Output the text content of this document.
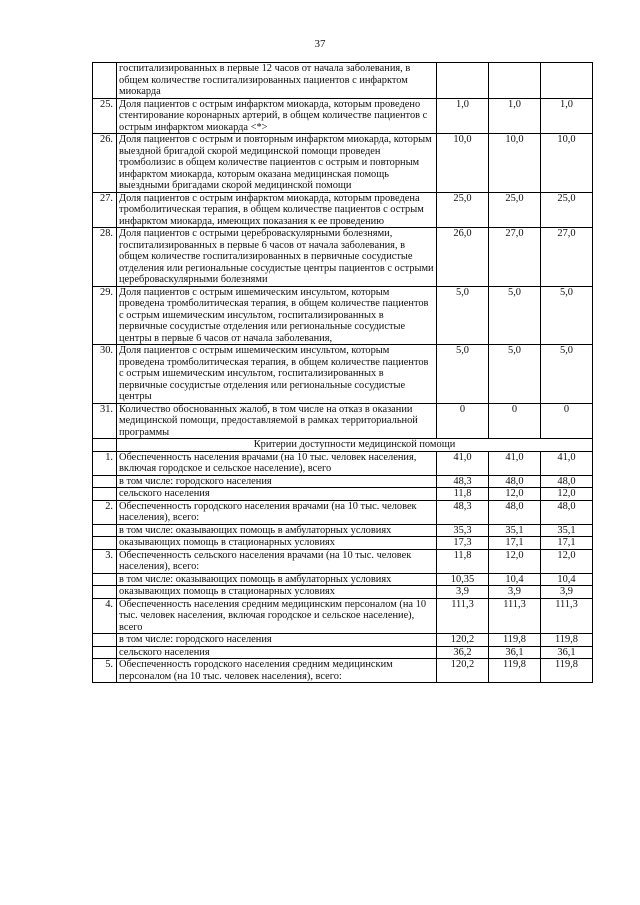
37
	госпитализированных в первые 12 часов от начала заболевания, в общем количестве госпитализированных пациентов с инфарктом миокарда			
25.	Доля пациентов с острым инфарктом миокарда, которым проведено стентирование коронарных артерий, в общем количестве пациентов с острым инфарктом миокарда <*>	1,0	1,0	1,0
26.	Доля пациентов с острым и повторным инфарктом миокарда, которым выездной бригадой скорой медицинской помощи проведен тромболизис в общем количестве пациентов с острым и повторным инфарктом миокарда, которым оказана медицинская помощь выездными бригадами скорой медицинской помощи	10,0	10,0	10,0
27.	Доля пациентов с острым инфарктом миокарда, которым проведена тромболитическая терапия, в общем количестве пациентов с острым инфарктом миокарда, имеющих показания к ее проведению	25,0	25,0	25,0
28.	Доля пациентов с острыми цереброваскулярными болезнями, госпитализированных в первые 6 часов от начала заболевания, в общем количестве госпитализированных в первичные сосудистые отделения или региональные сосудистые центры пациентов с острыми цереброваскулярными болезнями	26,0	27,0	27,0
29.	Доля пациентов с острым ишемическим инсультом, которым проведена тромболитическая терапия, в общем количестве пациентов с острым ишемическим инсультом, госпитализированных в первичные сосудистые отделения или региональные сосудистые центры в первые 6 часов от начала заболевания,	5,0	5,0	5,0
30.	Доля пациентов с острым ишемическим инсультом, которым проведена тромболитическая терапия, в общем количестве пациентов с острым ишемическим инсультом, госпитализированных в первичные сосудистые отделения или региональные сосудистые центры	5,0	5,0	5,0
31.	Количество обоснованных жалоб, в том числе на отказ в оказании медицинской помощи, предоставляемой в рамках территориальной программы	0	0	0
	Критерии доступности медицинской помощи			
1.	Обеспеченность населения врачами (на 10 тыс. человек населения, включая городское и сельское население), всего	41,0	41,0	41,0
	в том числе: городского населения	48,3	48,0	48,0
	сельского населения	11,8	12,0	12,0
2.	Обеспеченность городского населения врачами (на 10 тыс. человек населения), всего:	48,3	48,0	48,0
	в том числе: оказывающих помощь в амбулаторных условиях	35,3	35,1	35,1
	оказывающих помощь в стационарных условиях	17,3	17,1	17,1
3.	Обеспеченность сельского населения врачами (на 10 тыс. человек населения), всего:	11,8	12,0	12,0
	в том числе: оказывающих помощь в амбулаторных условиях	10,35	10,4	10,4
	оказывающих помощь в стационарных условиях	3,9	3,9	3,9
4.	Обеспеченность населения средним медицинским персоналом (на 10 тыс. человек населения, включая городское и сельское население), всего	111,3	111,3	111,3
	в том числе: городского населения	120,2	119,8	119,8
	сельского населения	36,2	36,1	36,1
5.	Обеспеченность городского населения средним медицинским персоналом (на 10 тыс. человек населения), всего:	120,2	119,8	119,8
